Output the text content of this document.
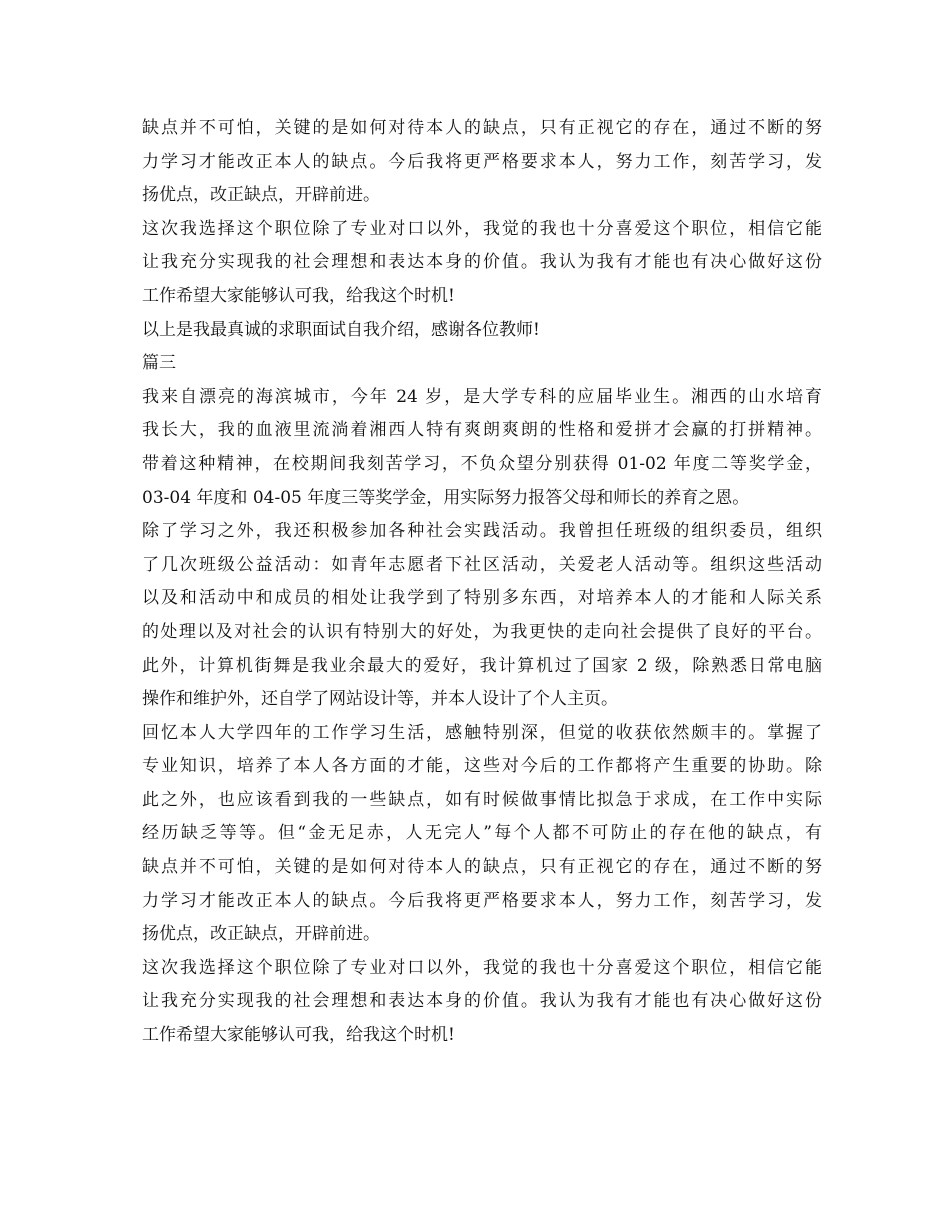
缺点并不可怕，关键的是如何对待本人的缺点，只有正视它的存在，通过不断的努
力学习才能改正本人的缺点。今后我将更严格要求本人，努力工作，刻苦学习，发
扬优点，改正缺点，开辟前进。
这次我选择这个职位除了专业对口以外，我觉的我也十分喜爱这个职位，相信它能
让我充分实现我的社会理想和表达本身的价值。我认为我有才能也有决心做好这份
工作希望大家能够认可我，给我这个时机!
以上是我最真诚的求职面试自我介绍，感谢各位教师!
篇三
我来自漂亮的海滨城市，今年 24 岁，是大学专科的应届毕业生。湘西的山水培育
我长大，我的血液里流淌着湘西人特有爽朗爽朗的性格和爱拼才会赢的打拼精神。
带着这种精神，在校期间我刻苦学习，不负众望分别获得 01-02 年度二等奖学金，
03-04 年度和 04-05 年度三等奖学金，用实际努力报答父母和师长的养育之恩。
除了学习之外，我还积极参加各种社会实践活动。我曾担任班级的组织委员，组织
了几次班级公益活动：如青年志愿者下社区活动，关爱老人活动等。组织这些活动
以及和活动中和成员的相处让我学到了特别多东西，对培养本人的才能和人际关系
的处理以及对社会的认识有特别大的好处，为我更快的走向社会提供了良好的平台。
此外，计算机街舞是我业余最大的爱好，我计算机过了国家 2 级，除熟悉日常电脑
操作和维护外，还自学了网站设计等，并本人设计了个人主页。
回忆本人大学四年的工作学习生活，感触特别深，但觉的收获依然颇丰的。掌握了
专业知识，培养了本人各方面的才能，这些对今后的工作都将产生重要的协助。除
此之外，也应该看到我的一些缺点，如有时候做事情比拟急于求成，在工作中实际
经历缺乏等等。但“金无足赤，人无完人”每个人都不可防止的存在他的缺点，有
缺点并不可怕，关键的是如何对待本人的缺点，只有正视它的存在，通过不断的努
力学习才能改正本人的缺点。今后我将更严格要求本人，努力工作，刻苦学习，发
扬优点，改正缺点，开辟前进。
这次我选择这个职位除了专业对口以外，我觉的我也十分喜爱这个职位，相信它能
让我充分实现我的社会理想和表达本身的价值。我认为我有才能也有决心做好这份
工作希望大家能够认可我，给我这个时机!
